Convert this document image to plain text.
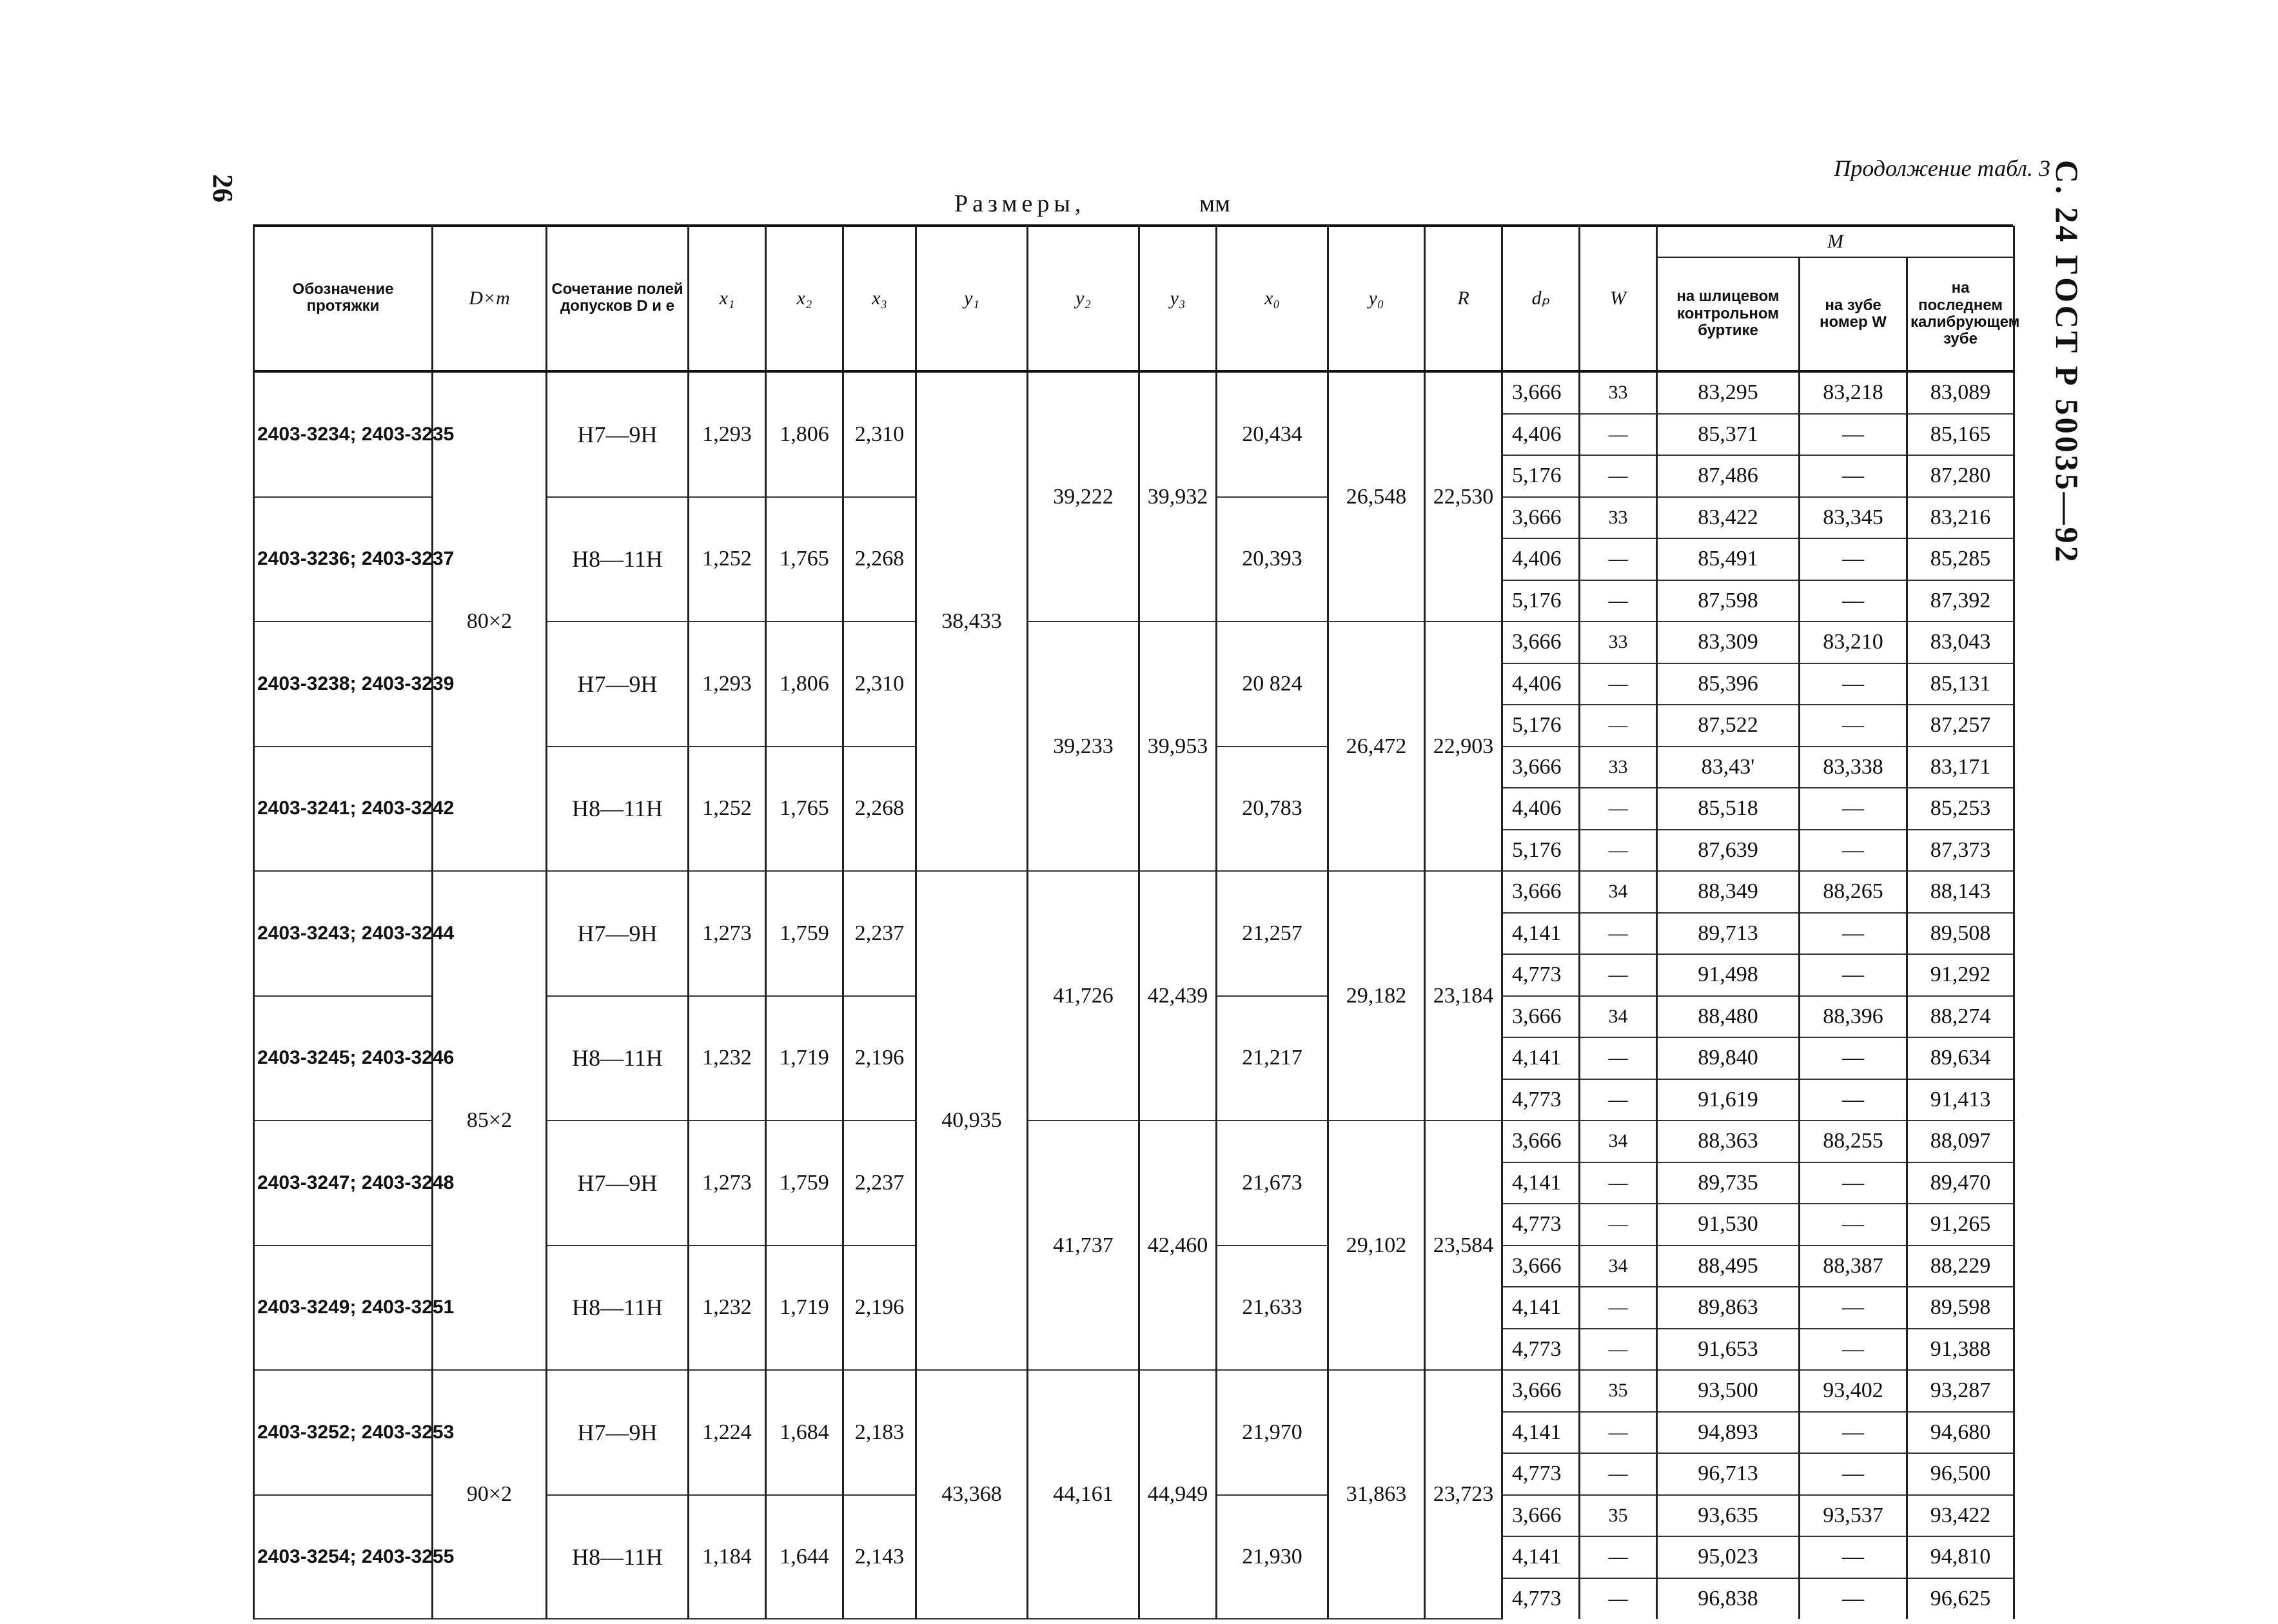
26	С. 24 ГОСТ Р 50035—92
Продолжение табл. 3
Размеры,	мм
Обозначение протяжки	D×m	Сочетание полей допусков D и e	x₁	x₂	x₃	y₁	y₂	y₃	x₀	y₀	R	dₚ	W	M		
														на шлицевом контрольном буртике	на зубе номер W	на последнем калибрующем зубе
2403-3234; 2403-3235	80×2	H7—9H	1,293	1,806	2,310	38,433	39,222	39,932	20,434	26,548	22,530	3,666	33	83,295	83,218	83,089
												4,406	—	85,371	—	85,165
												5,176	—	87,486	—	87,280
2403-3236; 2403-3237		H8—11H	1,252	1,765	2,268				20,393			3,666	33	83,422	83,345	83,216
												4,406	—	85,491	—	85,285
												5,176	—	87,598	—	87,392
2403-3238; 2403-3239		H7—9H	1,293	1,806	2,310		39,233	39,953	20 824	26,472	22,903	3,666	33	83,309	83,210	83,043
												4,406	—	85,396	—	85,131
												5,176	—	87,522	—	87,257
2403-3241; 2403-3242		H8—11H	1,252	1,765	2,268				20,783			3,666	33	83,43'	83,338	83,171
												4,406	—	85,518	—	85,253
												5,176	—	87,639	—	87,373
2403-3243; 2403-3244	85×2	H7—9H	1,273	1,759	2,237	40,935	41,726	42,439	21,257	29,182	23,184	3,666	34	88,349	88,265	88,143
												4,141	—	89,713	—	89,508
												4,773	—	91,498	—	91,292
2403-3245; 2403-3246		H8—11H	1,232	1,719	2,196				21,217			3,666	34	88,480	88,396	88,274
												4,141	—	89,840	—	89,634
												4,773	—	91,619	—	91,413
2403-3247; 2403-3248		H7—9H	1,273	1,759	2,237		41,737	42,460	21,673	29,102	23,584	3,666	34	88,363	88,255	88,097
												4,141	—	89,735	—	89,470
												4,773	—	91,530	—	91,265
2403-3249; 2403-3251		H8—11H	1,232	1,719	2,196				21,633			3,666	34	88,495	88,387	88,229
												4,141	—	89,863	—	89,598
												4,773	—	91,653	—	91,388
2403-3252; 2403-3253	90×2	H7—9H	1,224	1,684	2,183	43,368	44,161	44,949	21,970	31,863	23,723	3,666	35	93,500	93,402	93,287
												4,141	—	94,893	—	94,680
												4,773	—	96,713	—	96,500
2403-3254; 2403-3255		H8—11H	1,184	1,644	2,143				21,930			3,666	35	93,635	93,537	93,422
												4,141	—	95,023	—	94,810
												4,773	—	96,838	—	96,625
